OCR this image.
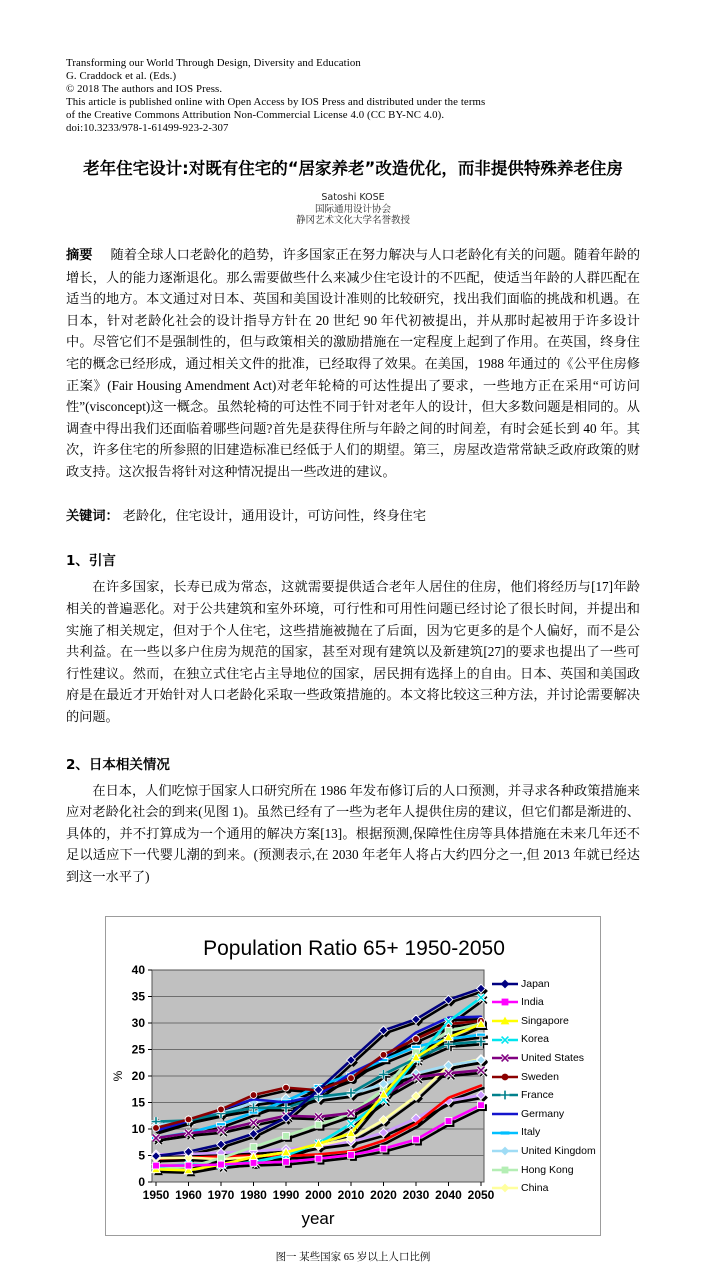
Transforming our World Through Design, Diversity and Education
G. Craddock et al. (Eds.)
© 2018 The authors and IOS Press.
This article is published online with Open Access by IOS Press and distributed under the terms
of the Creative Commons Attribution Non-Commercial License 4.0 (CC BY-NC 4.0).
doi:10.3233/978-1-61499-923-2-307
老年住宅设计:对既有住宅的“居家养老”改造优化，而非提供特殊养老住房
Satoshi KOSE
国际通用设计协会
静冈艺术文化大学名誉教授

摘要 随着全球人口老龄化的趋势，许多国家正在努力解决与人口老龄化有关的问题。随着年龄的增长，人的能力逐渐退化。那么需要做些什么来减少住宅设计的不匹配，使适当年龄的人群匹配在适当的地方。本文通过对日本、英国和美国设计准则的比较研究，找出我们面临的挑战和机遇。在日本，针对老龄化社会的设计指导方针在 20 世纪 90 年代初被提出，并从那时起被用于许多设计中。尽管它们不是强制性的，但与政策相关的激励措施在一定程度上起到了作用。在英国，终身住宅的概念已经形成，通过相关文件的批准，已经取得了效果。在美国，1988 年通过的《公平住房修正案》(Fair Housing Amendment Act)对老年轮椅的可达性提出了要求，一些地方正在采用“可访问性”(visconcept)这一概念。虽然轮椅的可达性不同于针对老年人的设计，但大多数问题是相同的。从调查中得出我们还面临着哪些问题?首先是获得住所与年龄之间的时间差，有时会延长到 40 年。其次，许多住宅的所参照的旧建造标准已经低于人们的期望。第三，房屋改造常常缺乏政府政策的财政支持。这次报告将针对这种情况提出一些改进的建议。

关键词： 老龄化，住宅设计，通用设计，可访问性，终身住宅

1、引言

在许多国家，长寿已成为常态，这就需要提供适合老年人居住的住房，他们将经历与[17]年龄相关的普遍恶化。对于公共建筑和室外环境，可行性和可用性问题已经讨论了很长时间，并提出和实施了相关规定，但对于个人住宅，这些措施被抛在了后面，因为它更多的是个人偏好，而不是公共利益。在一些以多户住房为规范的国家，甚至对现有建筑以及新建筑[27]的要求也提出了一些可行性建议。然而，在独立式住宅占主导地位的国家，居民拥有选择上的自由。日本、英国和美国政府是在最近才开始针对人口老龄化采取一些政策措施的。本文将比较这三种方法，并讨论需要解决的问题。

2、日本相关情况

在日本，人们吃惊于国家人口研究所在 1986 年发布修订后的人口预测，并寻求各种政策措施来应对老龄化社会的到来(见图 1)。虽然已经有了一些为老年人提供住房的建议，但它们都是渐进的、具体的，并不打算成为一个通用的解决方案[13]。根据预测,保障性住房等具体措施在未来几年还不足以适应下一代婴儿潮的到来。(预测表示,在 2030 年老年人将占大约四分之一,但 2013 年就已经达到这一水平了)

Population Ratio 65+ 1950-2050
0
5
10
15
20
25
30
35
40
%
1950 1960 1970 1980 1990 2000 2010 2020 2030 2040 2050
year
Japan
India
Singapore
Korea
United States
Sweden
France
Germany
Italy
United Kingdom
Hong Kong
China
图一 某些国家 65 岁以上人口比例
